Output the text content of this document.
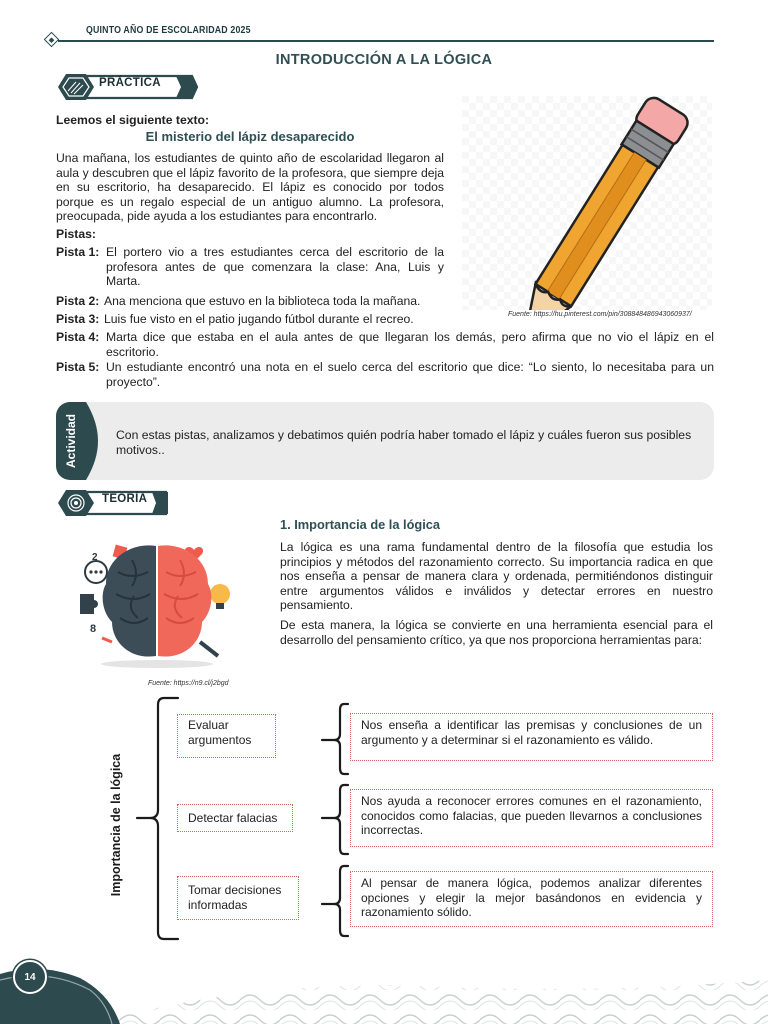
QUINTO AÑO DE ESCOLARIDAD 2025
INTRODUCCIÓN A LA LÓGICA
PRÁCTICA
Leemos el siguiente texto:
El misterio del lápiz desaparecido
Una mañana, los estudiantes de quinto año de escolaridad llegaron al aula y descubren que el lápiz favorito de la profesora, que siempre deja en su escritorio, ha desaparecido. El lápiz es conocido por todos porque es un regalo especial de un antiguo alumno. La profesora, preocupada, pide ayuda a los estudiantes para encontrarlo.
Pistas:
Pista 1: El portero vio a tres estudiantes cerca del escritorio de la profesora antes de que comenzara la clase: Ana, Luis y Marta.
Pista 2: Ana menciona que estuvo en la biblioteca toda la mañana.
Pista 3: Luis fue visto en el patio jugando fútbol durante el recreo.
Pista 4: Marta dice que estaba en el aula antes de que llegaran los demás, pero afirma que no vio el lápiz en el escritorio.
Pista 5: Un estudiante encontró una nota en el suelo cerca del escritorio que dice: “Lo siento, lo necesitaba para un proyecto”.
Fuente: https://hu.pinterest.com/pin/308848486943060937/
Actividad	Con estas pistas, analizamos y debatimos quién podría haber tomado el lápiz y cuáles fueron sus posibles motivos..
TEORÍA
8
2
Fuente: https://n9.cl/j2bgd
1. Importancia de la lógica
La lógica es una rama fundamental dentro de la filosofía que estudia los principios y métodos del razonamiento correcto. Su importancia radica en que nos enseña a pensar de manera clara y ordenada, permitiéndonos distinguir entre argumentos válidos e inválidos y detectar errores en nuestro pensamiento.
De esta manera, la lógica se convierte en una herramienta esencial para el desarrollo del pensamiento crítico, ya que nos proporciona herramientas para:
Importancia de la lógica
Evaluar argumentos
Detectar falacias
Tomar decisiones informadas
Nos enseña a identificar las premisas y conclusiones de un argumento y a determinar si el razonamiento es válido.
Nos ayuda a reconocer errores comunes en el razonamiento, conocidos como falacias, que pueden llevarnos a conclusiones incorrectas.
Al pensar de manera lógica, podemos analizar diferentes opciones y elegir la mejor basándonos en evidencia y razonamiento sólido.
14
